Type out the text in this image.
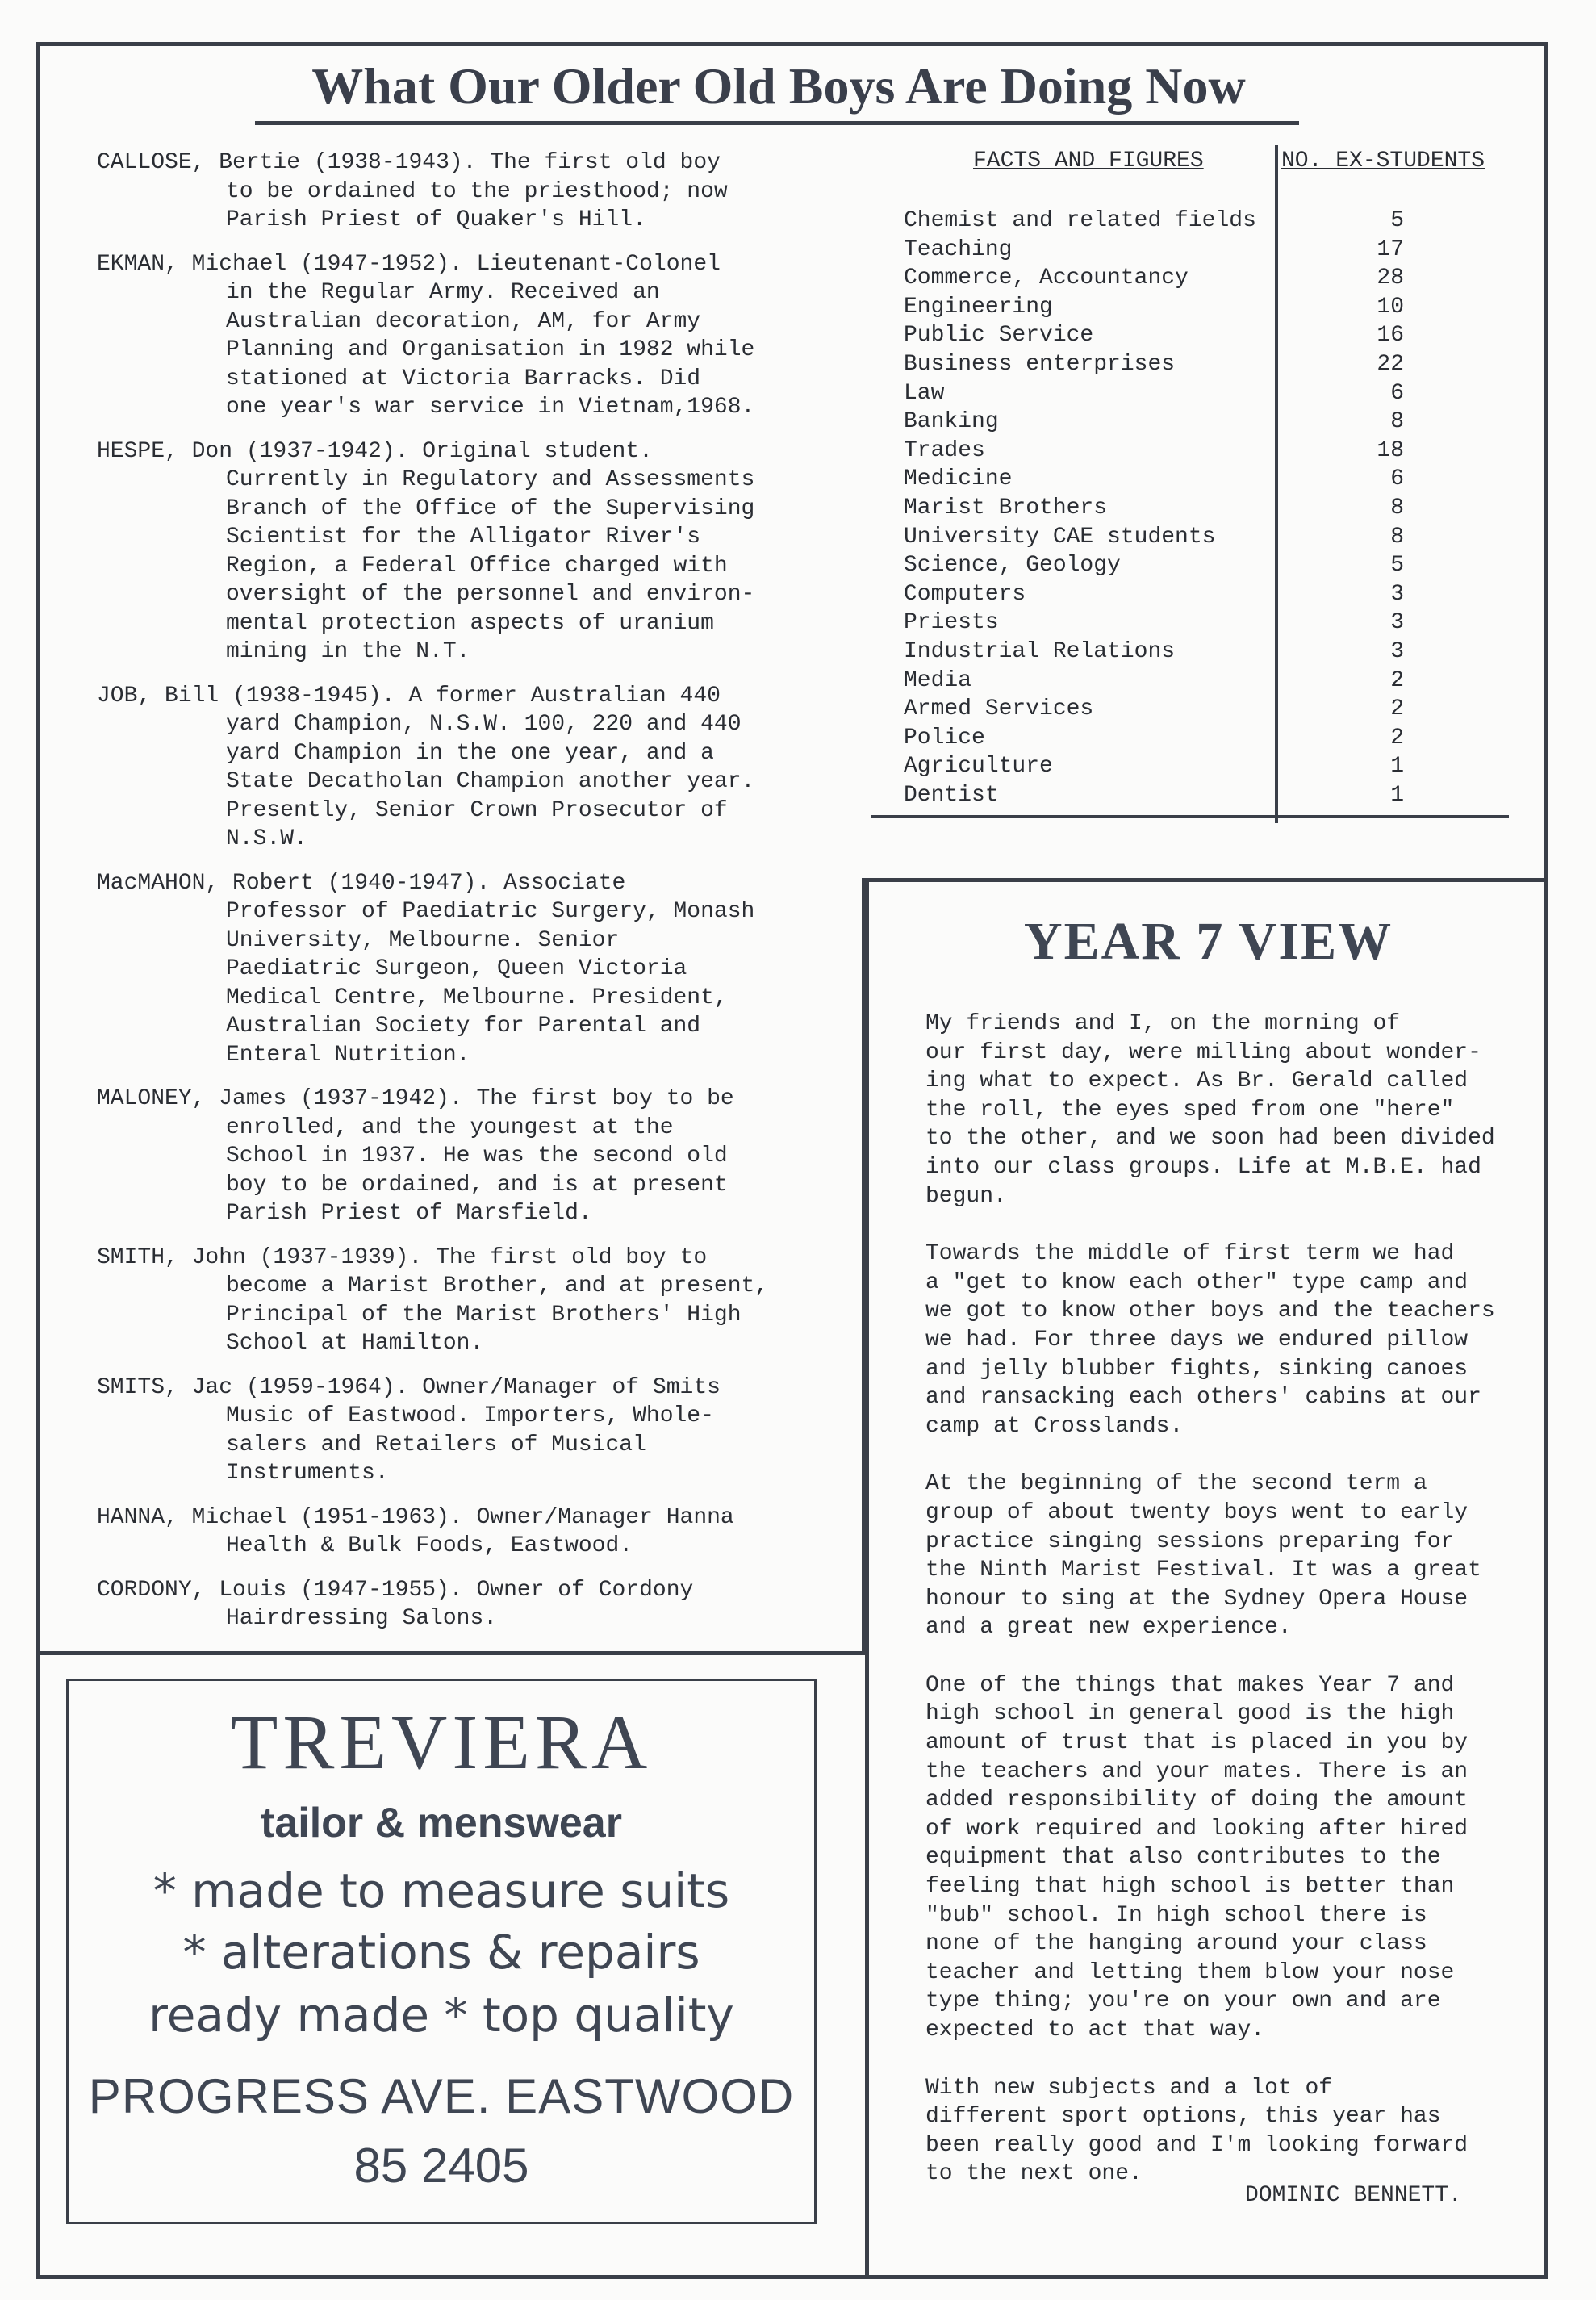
What Our Older Old Boys Are Doing Now
CALLOSE, Bertie (1938-1943). The first old boy
to be ordained to the priesthood; now
Parish Priest of Quaker's Hill.
EKMAN, Michael (1947-1952). Lieutenant-Colonel
in the Regular Army. Received an
Australian decoration, AM, for Army
Planning and Organisation in 1982 while
stationed at Victoria Barracks. Did
one year's war service in Vietnam,1968.
HESPE, Don (1937-1942). Original student.
Currently in Regulatory and Assessments
Branch of the Office of the Supervising
Scientist for the Alligator River's
Region, a Federal Office charged with
oversight of the personnel and environ-
mental protection aspects of uranium
mining in the N.T.
JOB, Bill (1938-1945). A former Australian 440
yard Champion, N.S.W. 100, 220 and 440
yard Champion in the one year, and a
State Decatholan Champion another year.
Presently, Senior Crown Prosecutor of
N.S.W.
MacMAHON, Robert (1940-1947). Associate
Professor of Paediatric Surgery, Monash
University, Melbourne. Senior
Paediatric Surgeon, Queen Victoria
Medical Centre, Melbourne. President,
Australian Society for Parental and
Enteral Nutrition.
MALONEY, James (1937-1942). The first boy to be
enrolled, and the youngest at the
School in 1937. He was the second old
boy to be ordained, and is at present
Parish Priest of Marsfield.
SMITH, John (1937-1939). The first old boy to
become a Marist Brother, and at present,
Principal of the Marist Brothers' High
School at Hamilton.
SMITS, Jac (1959-1964). Owner/Manager of Smits
Music of Eastwood. Importers, Whole-
salers and Retailers of Musical
Instruments.
HANNA, Michael (1951-1963). Owner/Manager Hanna
Health & Bulk Foods, Eastwood.
CORDONY, Louis (1947-1955). Owner of Cordony
Hairdressing Salons.
FACTS AND FIGURES	NO. EX-STUDENTS
Chemist and related fields	5
Teaching	17
Commerce, Accountancy	28
Engineering	10
Public Service	16
Business enterprises	22
Law	6
Banking	8
Trades	18
Medicine	6
Marist Brothers	8
University CAE students	8
Science, Geology	5
Computers	3
Priests	3
Industrial Relations	3
Media	2
Armed Services	2
Police	2
Agriculture	1
Dentist	1
YEAR 7 VIEW
My friends and I, on the morning of
our first day, were milling about wonder-
ing what to expect. As Br. Gerald called
the roll, the eyes sped from one "here"
to the other, and we soon had been divided
into our class groups. Life at M.B.E. had
begun.
Towards the middle of first term we had
a "get to know each other" type camp and
we got to know other boys and the teachers
we had. For three days we endured pillow
and jelly blubber fights, sinking canoes
and ransacking each others' cabins at our
camp at Crosslands.
At the beginning of the second term a
group of about twenty boys went to early
practice singing sessions preparing for
the Ninth Marist Festival. It was a great
honour to sing at the Sydney Opera House
and a great new experience.
One of the things that makes Year 7 and
high school in general good is the high
amount of trust that is placed in you by
the teachers and your mates. There is an
added responsibility of doing the amount
of work required and looking after hired
equipment that also contributes to the
feeling that high school is better than
"bub" school. In high school there is
none of the hanging around your class
teacher and letting them blow your nose
type thing; you're on your own and are
expected to act that way.
With new subjects and a lot of
different sport options, this year has
been really good and I'm looking forward
to the next one.
DOMINIC BENNETT.
TREVIERA
tailor & menswear
* made to measure suits
* alterations & repairs
ready made * top quality
PROGRESS AVE. EASTWOOD
85 2405
